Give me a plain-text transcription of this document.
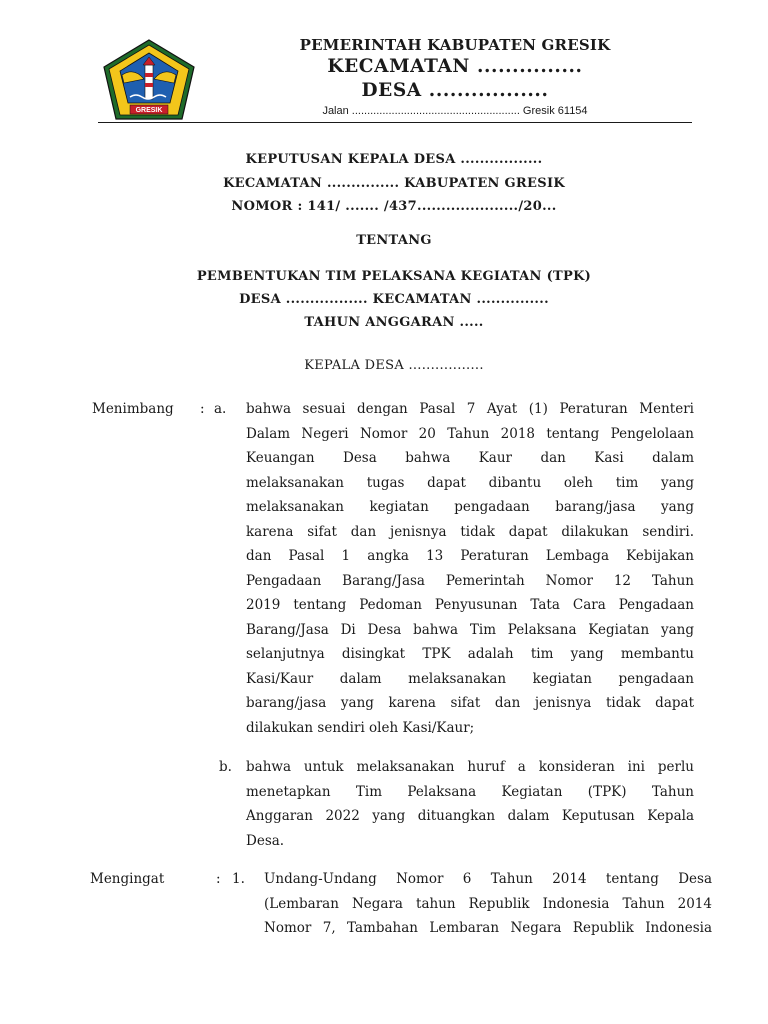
GRESIK
PEMERINTAH KABUPATEN GRESIK
KECAMATAN ...............
DESA .................
Jalan ....................................................... Gresik 61154
KEPUTUSAN KEPALA DESA .................
KECAMATAN ............... KABUPATEN GRESIK
NOMOR : 141/ ....... /437...................../20...
TENTANG
PEMBENTUKAN TIM PELAKSANA KEGIATAN (TPK)
DESA ................. KECAMATAN ...............
TAHUN ANGGARAN .....
KEPALA DESA .................
Menimbang : a. bahwa sesuai dengan Pasal 7 Ayat (1) Peraturan Menteri
Dalam Negeri Nomor 20 Tahun 2018 tentang Pengelolaan
Keuangan Desa bahwa Kaur dan Kasi dalam
melaksanakan tugas dapat dibantu oleh tim yang
melaksanakan kegiatan pengadaan barang/jasa yang
karena sifat dan jenisnya tidak dapat dilakukan sendiri.
dan Pasal 1 angka 13 Peraturan Lembaga Kebijakan
Pengadaan Barang/Jasa Pemerintah Nomor 12 Tahun
2019 tentang Pedoman Penyusunan Tata Cara Pengadaan
Barang/Jasa Di Desa bahwa Tim Pelaksana Kegiatan yang
selanjutnya disingkat TPK adalah tim yang membantu
Kasi/Kaur dalam melaksanakan kegiatan pengadaan
barang/jasa yang karena sifat dan jenisnya tidak dapat
dilakukan sendiri oleh Kasi/Kaur;
b. bahwa untuk melaksanakan huruf a konsideran ini perlu
menetapkan Tim Pelaksana Kegiatan (TPK) Tahun
Anggaran 2022 yang dituangkan dalam Keputusan Kepala
Desa.
Mengingat	: 1. Undang-Undang Nomor 6 Tahun 2014 tentang Desa
(Lembaran Negara tahun Republik Indonesia Tahun 2014
Nomor 7, Tambahan Lembaran Negara Republik Indonesia
